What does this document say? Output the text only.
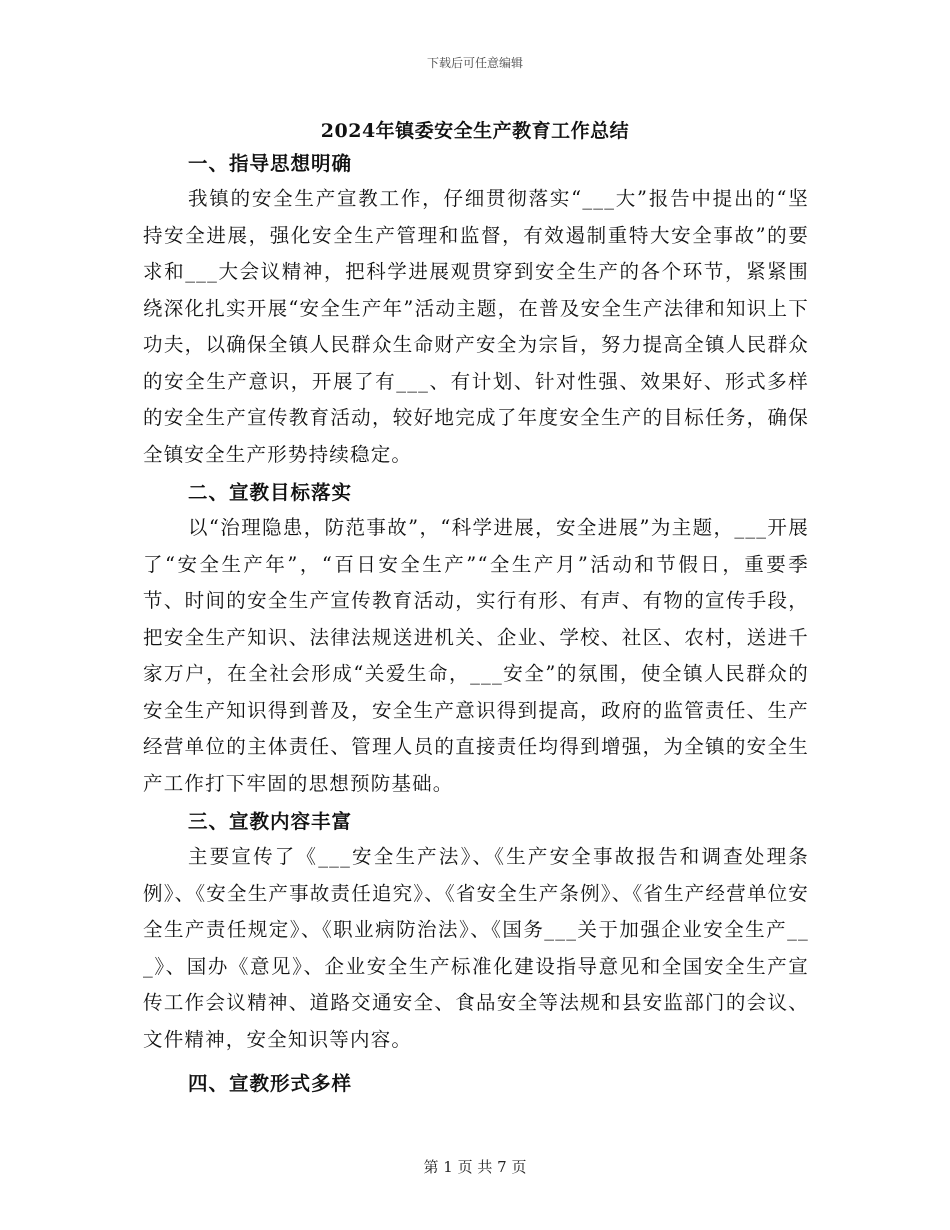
下载后可任意编辑
2024年镇委安全生产教育工作总结
一、指导思想明确

我镇的安全生产宣教工作，仔细贯彻落实“___大”报告中提出的“坚持安全进展，强化安全生产管理和监督，有效遏制重特大安全事故”的要求和___大会议精神，把科学进展观贯穿到安全生产的各个环节，紧紧围绕深化扎实开展“安全生产年”活动主题，在普及安全生产法律和知识上下功夫，以确保全镇人民群众生命财产安全为宗旨，努力提高全镇人民群众的安全生产意识，开展了有___、有计划、针对性强、效果好、形式多样的安全生产宣传教育活动，较好地完成了年度安全生产的目标任务，确保全镇安全生产形势持续稳定。

二、宣教目标落实

以“治理隐患，防范事故”，“科学进展，安全进展”为主题，___开展了“安全生产年”，“百日安全生产”“全生产月”活动和节假日，重要季节、时间的安全生产宣传教育活动，实行有形、有声、有物的宣传手段，把安全生产知识、法律法规送进机关、企业、学校、社区、农村，送进千家万户，在全社会形成“关爱生命，___安全”的氛围，使全镇人民群众的安全生产知识得到普及，安全生产意识得到提高，政府的监管责任、生产经营单位的主体责任、管理人员的直接责任均得到增强，为全镇的安全生产工作打下牢固的思想预防基础。

三、宣教内容丰富

主要宣传了《___安全生产法》、《生产安全事故报告和调查处理条例》、《安全生产事故责任追究》、《省安全生产条例》、《省生产经营单位安全生产责任规定》、《职业病防治法》、《国务___关于加强企业安全生产___》、国办《意见》、企业安全生产标准化建设指导意见和全国安全生产宣传工作会议精神、道路交通安全、食品安全等法规和县安监部门的会议、文件精神，安全知识等内容。

四、宣教形式多样
第 1 页 共 7 页
